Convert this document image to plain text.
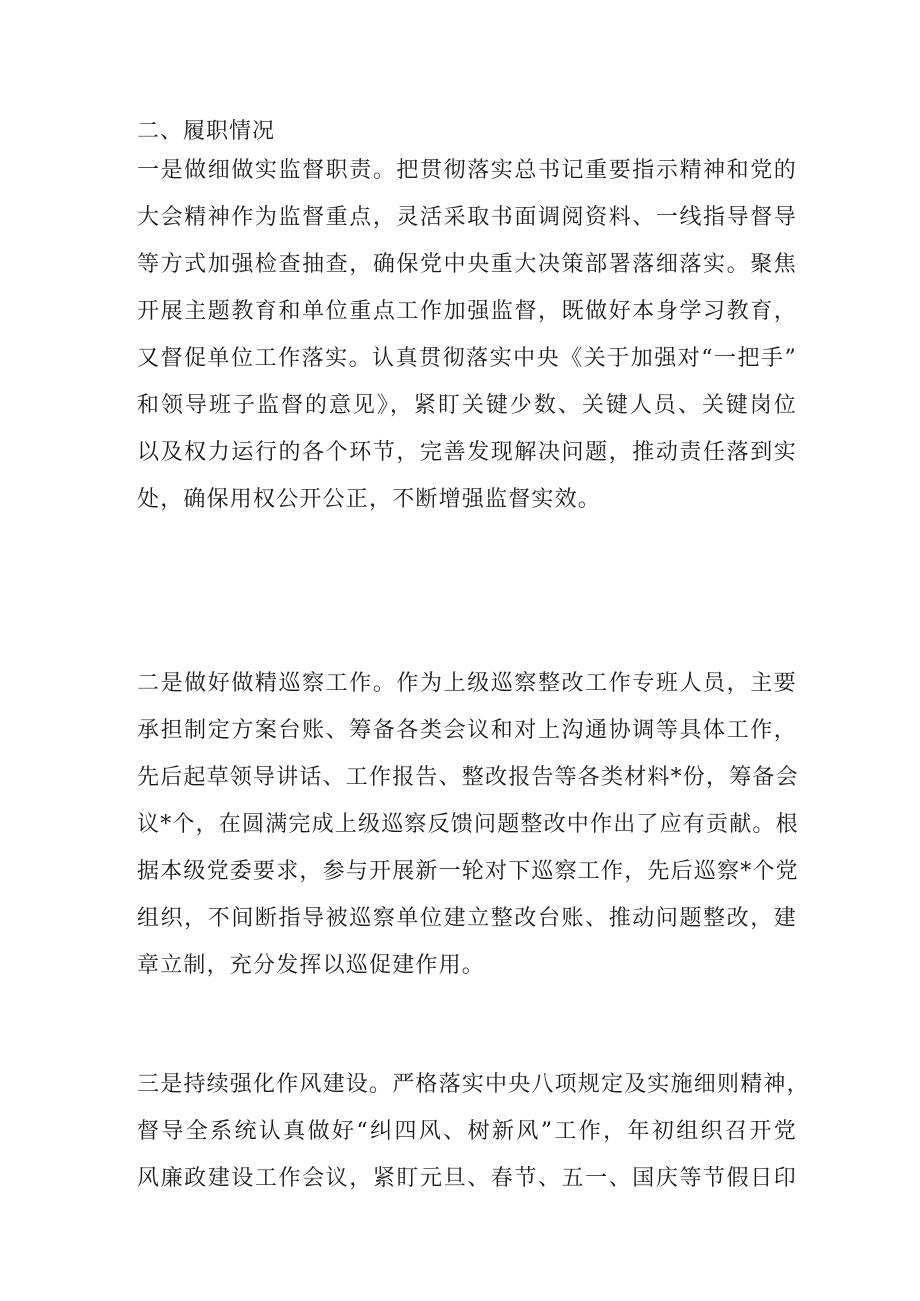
二、履职情况
一是做细做实监督职责。把贯彻落实总书记重要指示精神和党的
大会精神作为监督重点，灵活采取书面调阅资料、一线指导督导
等方式加强检查抽查，确保党中央重大决策部署落细落实。聚焦
开展主题教育和单位重点工作加强监督，既做好本身学习教育，
又督促单位工作落实。认真贯彻落实中央《关于加强对“一把手”
和领导班子监督的意见》，紧盯关键少数、关键人员、关键岗位
以及权力运行的各个环节，完善发现解决问题，推动责任落到实
处，确保用权公开公正，不断增强监督实效。
二是做好做精巡察工作。作为上级巡察整改工作专班人员，主要
承担制定方案台账、筹备各类会议和对上沟通协调等具体工作，
先后起草领导讲话、工作报告、整改报告等各类材料*份，筹备会
议*个，在圆满完成上级巡察反馈问题整改中作出了应有贡献。根
据本级党委要求，参与开展新一轮对下巡察工作，先后巡察*个党
组织，不间断指导被巡察单位建立整改台账、推动问题整改，建
章立制，充分发挥以巡促建作用。
三是持续强化作风建设。严格落实中央八项规定及实施细则精神，
督导全系统认真做好“纠四风、树新风”工作，年初组织召开党
风廉政建设工作会议，紧盯元旦、春节、五一、国庆等节假日印
